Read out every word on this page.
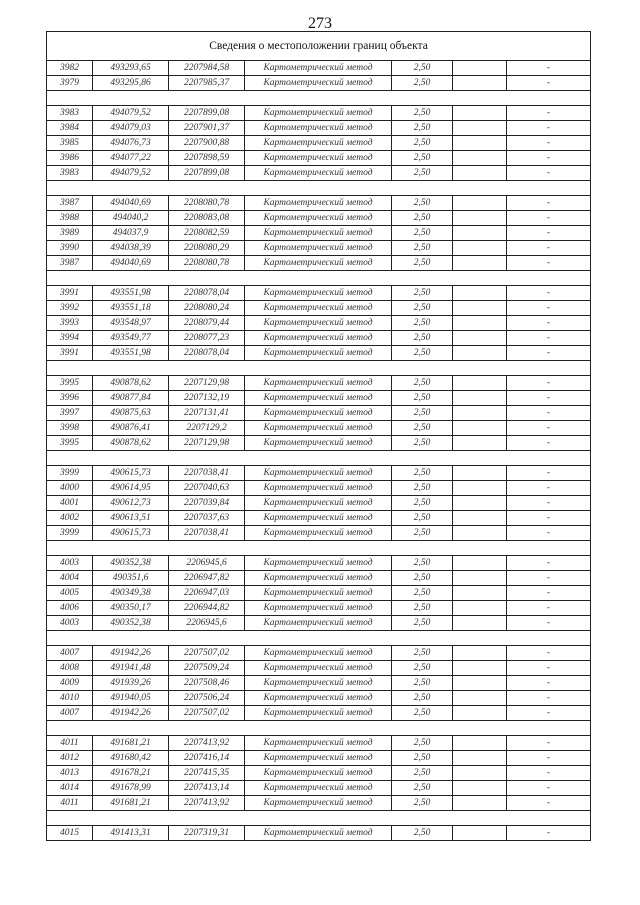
273
Сведения о местоположении границ объекта						
3982	493293,65	2207984,58	Картометрический метод	2,50		-
3979	493295,86	2207985,37	Картометрический метод	2,50		-

3983	494079,52	2207899,08	Картометрический метод	2,50		-
3984	494079,03	2207901,37	Картометрический метод	2,50		-
3985	494076,73	2207900,88	Картометрический метод	2,50		-
3986	494077,22	2207898,59	Картометрический метод	2,50		-
3983	494079,52	2207899,08	Картометрический метод	2,50		-

3987	494040,69	2208080,78	Картометрический метод	2,50		-
3988	494040,2	2208083,08	Картометрический метод	2,50		-
3989	494037,9	2208082,59	Картометрический метод	2,50		-
3990	494038,39	2208080,29	Картометрический метод	2,50		-
3987	494040,69	2208080,78	Картометрический метод	2,50		-

3991	493551,98	2208078,04	Картометрический метод	2,50		-
3992	493551,18	2208080,24	Картометрический метод	2,50		-
3993	493548,97	2208079,44	Картометрический метод	2,50		-
3994	493549,77	2208077,23	Картометрический метод	2,50		-
3991	493551,98	2208078,04	Картометрический метод	2,50		-

3995	490878,62	2207129,98	Картометрический метод	2,50		-
3996	490877,84	2207132,19	Картометрический метод	2,50		-
3997	490875,63	2207131,41	Картометрический метод	2,50		-
3998	490876,41	2207129,2	Картометрический метод	2,50		-
3995	490878,62	2207129,98	Картометрический метод	2,50		-

3999	490615,73	2207038,41	Картометрический метод	2,50		-
4000	490614,95	2207040,63	Картометрический метод	2,50		-
4001	490612,73	2207039,84	Картометрический метод	2,50		-
4002	490613,51	2207037,63	Картометрический метод	2,50		-
3999	490615,73	2207038,41	Картометрический метод	2,50		-

4003	490352,38	2206945,6	Картометрический метод	2,50		-
4004	490351,6	2206947,82	Картометрический метод	2,50		-
4005	490349,38	2206947,03	Картометрический метод	2,50		-
4006	490350,17	2206944,82	Картометрический метод	2,50		-
4003	490352,38	2206945,6	Картометрический метод	2,50		-

4007	491942,26	2207507,02	Картометрический метод	2,50		-
4008	491941,48	2207509,24	Картометрический метод	2,50		-
4009	491939,26	2207508,46	Картометрический метод	2,50		-
4010	491940,05	2207506,24	Картометрический метод	2,50		-
4007	491942,26	2207507,02	Картометрический метод	2,50		-

4011	491681,21	2207413,92	Картометрический метод	2,50		-
4012	491680,42	2207416,14	Картометрический метод	2,50		-
4013	491678,21	2207415,35	Картометрический метод	2,50		-
4014	491678,99	2207413,14	Картометрический метод	2,50		-
4011	491681,21	2207413,92	Картометрический метод	2,50		-

4015	491413,31	2207319,31	Картометрический метод	2,50		-
